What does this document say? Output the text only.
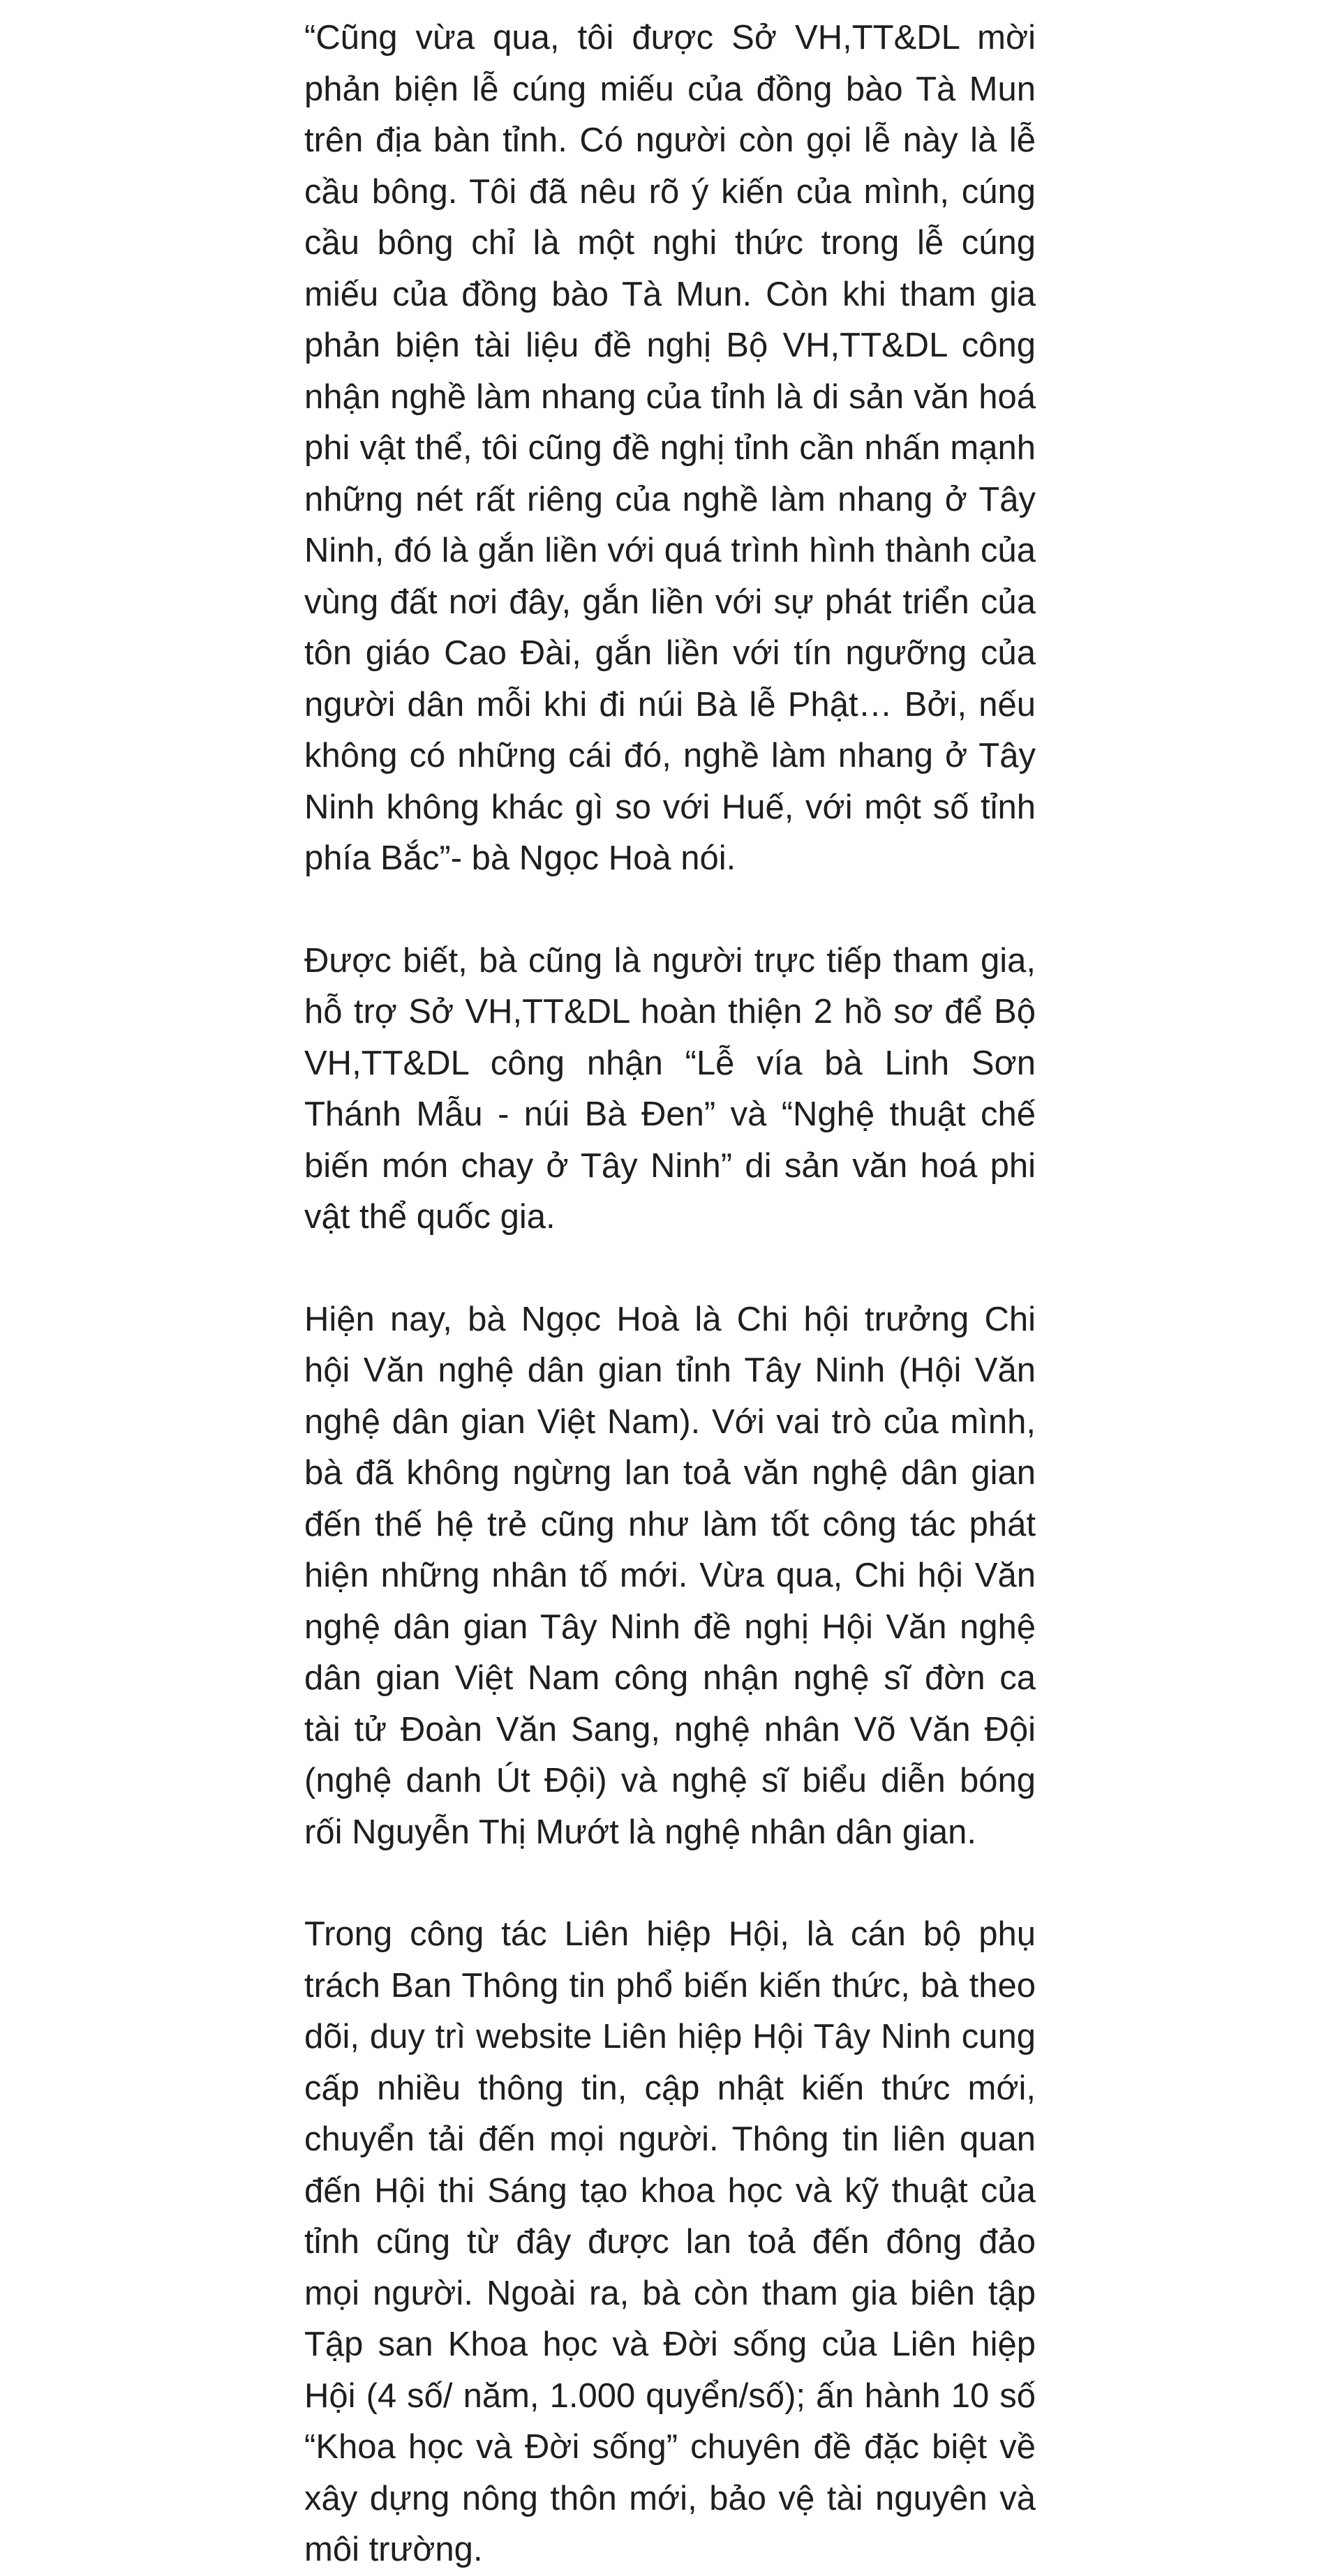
“Cũng vừa qua, tôi được Sở VH,TT&DL mời phản biện lễ cúng miếu của đồng bào Tà Mun trên địa bàn tỉnh. Có người còn gọi lễ này là lễ cầu bông. Tôi đã nêu rõ ý kiến của mình, cúng cầu bông chỉ là một nghi thức trong lễ cúng miếu của đồng bào Tà Mun. Còn khi tham gia phản biện tài liệu đề nghị Bộ VH,TT&DL công nhận nghề làm nhang của tỉnh là di sản văn hoá phi vật thể, tôi cũng đề nghị tỉnh cần nhấn mạnh những nét rất riêng của nghề làm nhang ở Tây Ninh, đó là gắn liền với quá trình hình thành của vùng đất nơi đây, gắn liền với sự phát triển của tôn giáo Cao Đài, gắn liền với tín ngưỡng của người dân mỗi khi đi núi Bà lễ Phật… Bởi, nếu không có những cái đó, nghề làm nhang ở Tây Ninh không khác gì so với Huế, với một số tỉnh phía Bắc”- bà Ngọc Hoà nói.

Được biết, bà cũng là người trực tiếp tham gia, hỗ trợ Sở VH,TT&DL hoàn thiện 2 hồ sơ để Bộ VH,TT&DL công nhận “Lễ vía bà Linh Sơn Thánh Mẫu - núi Bà Đen” và “Nghệ thuật chế biến món chay ở Tây Ninh” di sản văn hoá phi vật thể quốc gia.

Hiện nay, bà Ngọc Hoà là Chi hội trưởng Chi hội Văn nghệ dân gian tỉnh Tây Ninh (Hội Văn nghệ dân gian Việt Nam). Với vai trò của mình, bà đã không ngừng lan toả văn nghệ dân gian đến thế hệ trẻ cũng như làm tốt công tác phát hiện những nhân tố mới. Vừa qua, Chi hội Văn nghệ dân gian Tây Ninh đề nghị Hội Văn nghệ dân gian Việt Nam công nhận nghệ sĩ đờn ca tài tử Đoàn Văn Sang, nghệ nhân Võ Văn Đội (nghệ danh Út Đội) và nghệ sĩ biểu diễn bóng rối Nguyễn Thị Mướt là nghệ nhân dân gian.

Trong công tác Liên hiệp Hội, là cán bộ phụ trách Ban Thông tin phổ biến kiến thức, bà theo dõi, duy trì website Liên hiệp Hội Tây Ninh cung cấp nhiều thông tin, cập nhật kiến thức mới, chuyển tải đến mọi người. Thông tin liên quan đến Hội thi Sáng tạo khoa học và kỹ thuật của tỉnh cũng từ đây được lan toả đến đông đảo mọi người. Ngoài ra, bà còn tham gia biên tập Tập san Khoa học và Đời sống của Liên hiệp Hội (4 số/ năm, 1.000 quyển/số); ấn hành 10 số “Khoa học và Đời sống” chuyên đề đặc biệt về xây dựng nông thôn mới, bảo vệ tài nguyên và môi trường.
